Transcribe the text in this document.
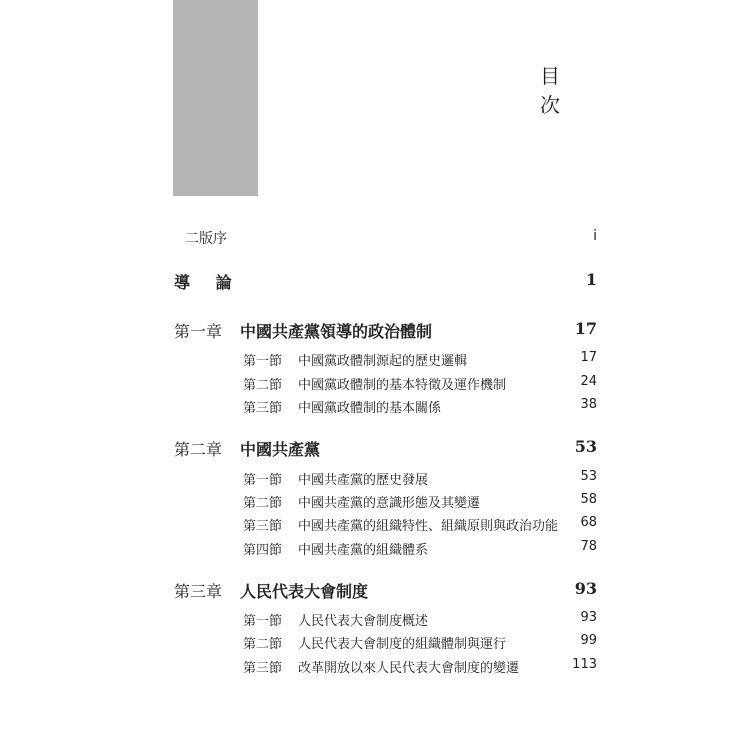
目 次
二版序	i
導 論	1
第一章 中國共產黨領導的政治體制	17
第一節 中國黨政體制源起的歷史邏輯	17
第二節 中國黨政體制的基本特徵及運作機制	24
第三節 中國黨政體制的基本關係	38
第二章 中國共產黨	53
第一節 中國共產黨的歷史發展	53
第二節 中國共產黨的意識形態及其變遷	58
第三節 中國共產黨的組織特性、組織原則與政治功能 68
第四節 中國共產黨的組織體系	78
第三章 人民代表大會制度	93
第一節 人民代表大會制度概述	93
第二節 人民代表大會制度的組織體制與運行	99
第三節 改革開放以來人民代表大會制度的變遷	113
